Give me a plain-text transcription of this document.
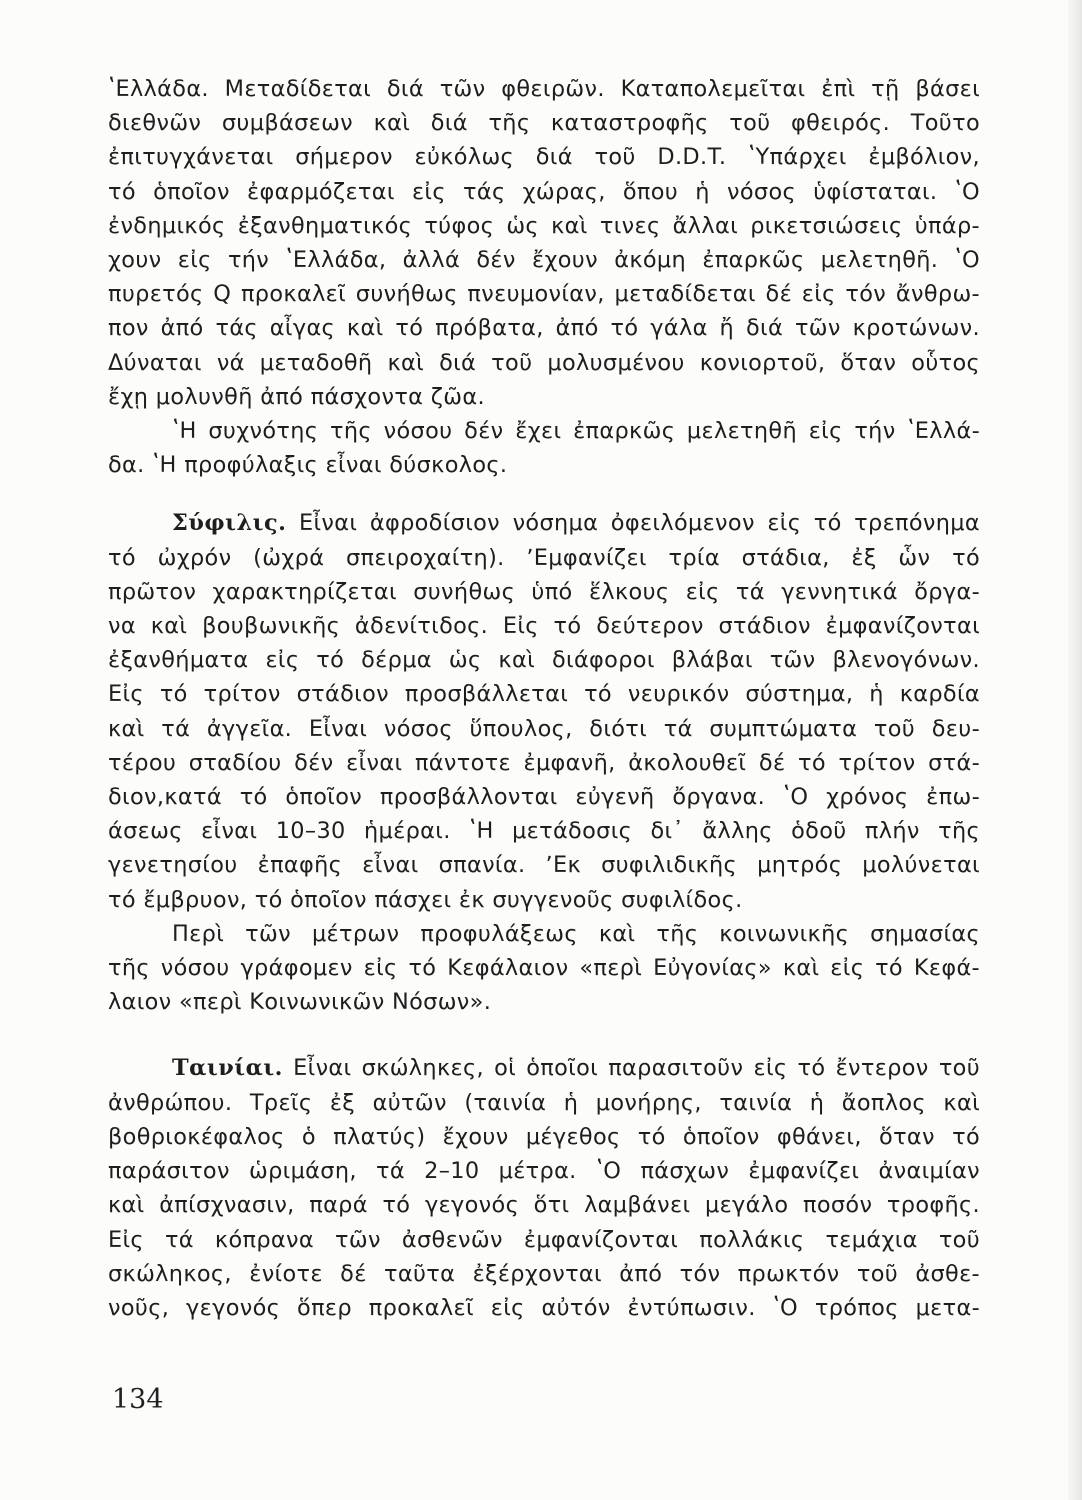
ʽΕλλάδα. Μεταδίδεται διά τῶν φθειρῶν. Καταπολεμεῖται ἐπὶ τῇ βάσει
διεθνῶν συμβάσεων καὶ διά τῆς καταστροφῆς τοῦ φθειρός. Τοῦτο
ἐπιτυγχάνεται σήμερον εὐκόλως διά τοῦ D.D.T. ʽΥπάρχει ἐμβόλιον,
τό ὁποῖον ἐφαρμόζεται εἰς τάς χώρας, ὅπου ἡ νόσος ὑφίσταται. ʽΟ
ἐνδημικός ἐξανθηματικός τύφος ὡς καὶ τινες ἄλλαι ρικετσιώσεις ὑπάρ-
χουν εἰς τήν ʽΕλλάδα, ἀλλά δέν ἔχουν ἀκόμη ἐπαρκῶς μελετηθῆ. ʽΟ
πυρετός Q προκαλεῖ συνήθως πνευμονίαν, μεταδίδεται δέ εἰς τόν ἄνθρω-
πον ἀπό τάς αἶγας καὶ τό πρόβατα, ἀπό τό γάλα ἤ διά τῶν κροτώνων.
Δύναται νά μεταδοθῆ καὶ διά τοῦ μολυσμένου κονιορτοῦ, ὅταν οὗτος
ἔχῃ μολυνθῆ ἀπό πάσχοντα ζῶα.
ʽΗ συχνότης τῆς νόσου δέν ἔχει ἐπαρκῶς μελετηθῆ εἰς τήν ʽΕλλά-
δα. ʽΗ προφύλαξις εἶναι δύσκολος.
Σύφιλις. Εἶναι ἀφροδίσιον νόσημα ὀφειλόμενον εἰς τό τρεπόνημα
τό ὠχρόν (ὠχρά σπειροχαίτη). ʼΕμφανίζει τρία στάδια, ἐξ ὧν τό
πρῶτον χαρακτηρίζεται συνήθως ὑπό ἕλκους εἰς τά γεννητικά ὄργα-
να καὶ βουβωνικῆς ἀδενίτιδος. Εἰς τό δεύτερον στάδιον ἐμφανίζονται
ἐξανθήματα εἰς τό δέρμα ὡς καὶ διάφοροι βλάβαι τῶν βλενογόνων.
Εἰς τό τρίτον στάδιον προσβάλλεται τό νευρικόν σύστημα, ἡ καρδία
καὶ τά ἀγγεῖα. Εἶναι νόσος ὕπουλος, διότι τά συμπτώματα τοῦ δευ-
τέρου σταδίου δέν εἶναι πάντοτε ἐμφανῆ, ἀκολουθεῖ δέ τό τρίτον στά-
διον,κατά τό ὁποῖον προσβάλλονται εὐγενῆ ὄργανα. ʽΟ χρόνος ἐπω-
άσεως εἶναι 10–30 ἡμέραι. ʽΗ μετάδοσις δι᾽ ἄλλης ὁδοῦ πλήν τῆς
γενετησίου ἐπαφῆς εἶναι σπανία. ʼΕκ συφιλιδικῆς μητρός μολύνεται
τό ἔμβρυον, τό ὁποῖον πάσχει ἐκ συγγενοῦς συφιλίδος.
Περὶ τῶν μέτρων προφυλάξεως καὶ τῆς κοινωνικῆς σημασίας
τῆς νόσου γράφομεν εἰς τό Κεφάλαιον «περὶ Εὐγονίας» καὶ εἰς τό Κεφά-
λαιον «περὶ Κοινωνικῶν Νόσων».
Ταινίαι. Εἶναι σκώληκες, οἱ ὁποῖοι παρασιτοῦν εἰς τό ἔντερον τοῦ
ἀνθρώπου. Τρεῖς ἐξ αὐτῶν (ταινία ἡ μονήρης, ταινία ἡ ἄοπλος καὶ
βοθριοκέφαλος ὁ πλατύς) ἔχουν μέγεθος τό ὁποῖον φθάνει, ὅταν τό
παράσιτον ὡριμάση, τά 2–10 μέτρα. ʽΟ πάσχων ἐμφανίζει ἀναιμίαν
καὶ ἀπίσχνασιν, παρά τό γεγονός ὅτι λαμβάνει μεγάλο ποσόν τροφῆς.
Εἰς τά κόπρανα τῶν ἀσθενῶν ἐμφανίζονται πολλάκις τεμάχια τοῦ
σκώληκος, ἐνίοτε δέ ταῦτα ἐξέρχονται ἀπό τόν πρωκτόν τοῦ ἀσθε-
νοῦς, γεγονός ὅπερ προκαλεῖ εἰς αὐτόν ἐντύπωσιν. ʽΟ τρόπος μετα-
134
